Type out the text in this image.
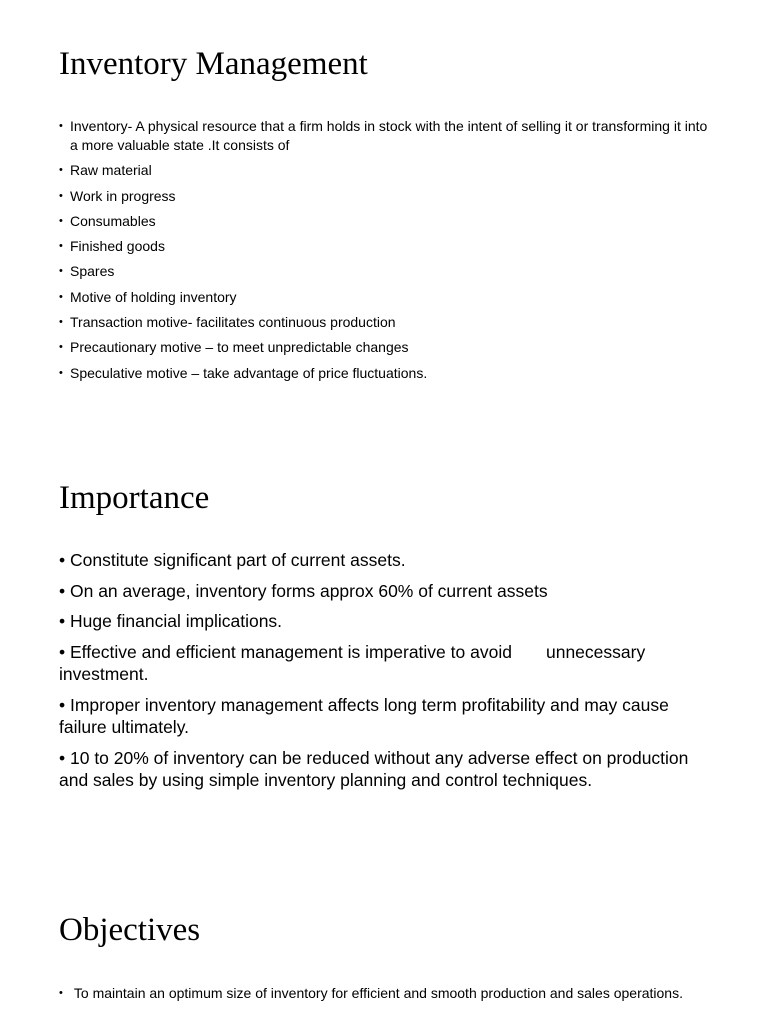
Inventory Management
• Inventory- A physical resource that a firm holds in stock with the intent of selling it or transforming it into a more valuable state .It consists of
• Raw material
• Work in progress
• Consumables
• Finished goods
• Spares
• Motive of holding inventory
• Transaction motive- facilitates continuous production
• Precautionary motive – to meet unpredictable changes
• Speculative motive – take advantage of price fluctuations.
Importance
• Constitute significant part of current assets.
• On an average, inventory forms approx 60% of current assets
• Huge financial implications.
• Effective and efficient management is imperative to avoid       unnecessary investment.
• Improper inventory management affects long term profitability and may cause failure ultimately.
• 10 to 20% of inventory can be reduced without any adverse effect on production and sales by using simple inventory planning and control techniques.
Objectives
•  To maintain an optimum size of inventory for efficient and smooth production and sales operations.
